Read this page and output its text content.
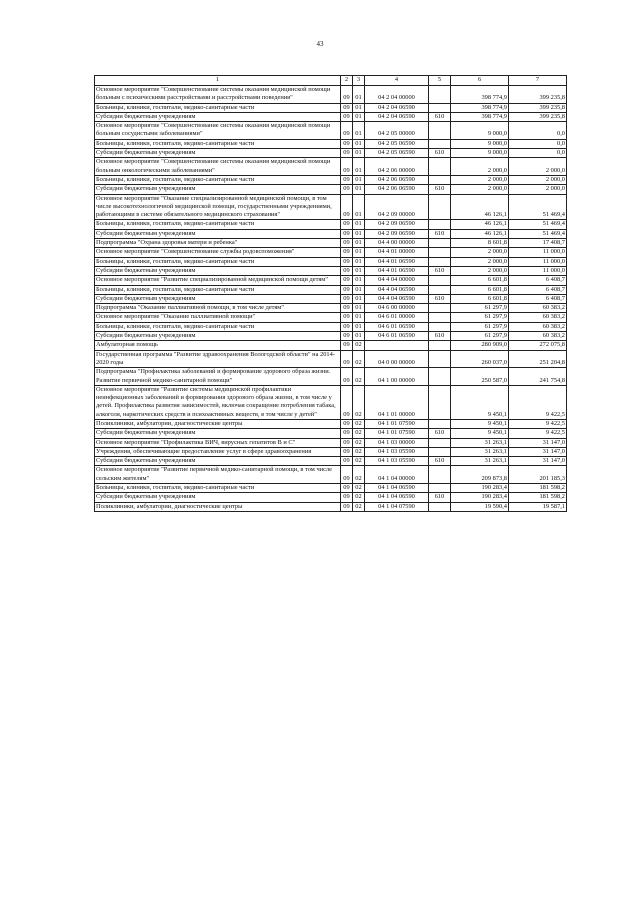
43
1	2	3	4	5	6	7
Основное мероприятие "Совершенствование системы оказания медицинской помощи больным с психическими расстройствами и расстройствами поведения"	09	01	04 2 04 00000		398 774,9	399 235,8
Больницы, клиники, госпитали, медико-санитарные части	09	01	04 2 04 06590		398 774,9	399 235,8
Субсидии бюджетным учреждениям	09	01	04 2 04 06590	610	398 774,9	399 235,8
Основное мероприятие "Совершенствование системы оказания медицинской помощи больным сосудистыми заболеваниями"	09	01	04 2 05 00000		9 000,0	0,0
Больницы, клиники, госпитали, медико-санитарные части	09	01	04 2 05 06590		9 000,0	0,0
Субсидии бюджетным учреждениям	09	01	04 2 05 06590	610	9 000,0	0,0
Основное мероприятие "Совершенствование системы оказания медицинской помощи больным онкологическими заболеваниями"	09	01	04 2 06 00000		2 000,0	2 000,0
Больницы, клиники, госпитали, медико-санитарные части	09	01	04 2 06 06590		2 000,0	2 000,0
Субсидии бюджетным учреждениям	09	01	04 2 06 06590	610	2 000,0	2 000,0
Основное мероприятие "Оказание специализированной медицинской помощи, в том числе высокотехнологичной медицинской помощи, государственными учреждениями, работающими в системе обязательного медицинского страхования"	09	01	04 2 09 00000		46 126,1	51 469,4
Больницы, клиники, госпитали, медико-санитарные части	09	01	04 2 09 06590		46 126,1	51 469,4
Субсидии бюджетным учреждениям	09	01	04 2 09 06590	610	46 126,1	51 469,4
Подпрограмма "Охрана здоровья матери и ребенка"	09	01	04 4 00 00000		8 601,8	17 408,7
Основное мероприятие "Совершенствование службы родовспоможения"	09	01	04 4 01 00000		2 000,0	11 000,0
Больницы, клиники, госпитали, медико-санитарные части	09	01	04 4 01 06590		2 000,0	11 000,0
Субсидии бюджетным учреждениям	09	01	04 4 01 06590	610	2 000,0	11 000,0
Основное мероприятие "Развитие специализированной медицинской помощи детям"	09	01	04 4 04 00000		6 601,8	6 408,7
Больницы, клиники, госпитали, медико-санитарные части	09	01	04 4 04 06590		6 601,8	6 408,7
Субсидии бюджетным учреждениям	09	01	04 4 04 06590	610	6 601,8	6 408,7
Подпрограмма "Оказание паллиативной помощи, в том числе детям"	09	01	04 6 00 00000		61 297,9	60 383,2
Основное мероприятие "Оказание паллиативной помощи"	09	01	04 6 01 00000		61 297,9	60 383,2
Больницы, клиники, госпитали, медико-санитарные части	09	01	04 6 01 06590		61 297,9	60 383,2
Субсидии бюджетным учреждениям	09	01	04 6 01 06590	610	61 297,9	60 383,2
Амбулаторная помощь	09	02			280 909,0	272 075,8
Государственная программа "Развитие здравоохранения Вологодской области" на 2014-2020 годы	09	02	04 0 00 00000		260 037,0	251 204,8
Подпрограмма "Профилактика заболеваний и формирование здорового образа жизни. Развитие первичной медико-санитарной помощи"	09	02	04 1 00 00000		250 587,0	241 754,8
Основное мероприятие "Развитие системы медицинской профилактики неинфекционных заболеваний и формирования здорового образа жизни, в том числе у детей. Профилактика развития зависимостей, включая сокращение потребления табака, алкоголя, наркотических средств и психоактивных веществ, в том числе у детей"	09	02	04 1 01 00000		9 450,1	9 422,5
Поликлиники, амбулатории, диагностические центры	09	02	04 1 01 07590		9 450,1	9 422,5
Субсидии бюджетным учреждениям	09	02	04 1 01 07590	610	9 450,1	9 422,5
Основное мероприятие "Профилактика ВИЧ, вирусных гепатитов В и С"	09	02	04 1 03 00000		31 263,1	31 147,0
Учреждения, обеспечивающие предоставление услуг в сфере здравоохранения	09	02	04 1 03 05590		31 263,1	31 147,0
Субсидии бюджетным учреждениям	09	02	04 1 03 05590	610	31 263,1	31 147,0
Основное мероприятие "Развитие первичной медико-санитарной помощи, в том числе сельским жителям"	09	02	04 1 04 00000		209 873,8	201 185,3
Больницы, клиники, госпитали, медико-санитарные части	09	02	04 1 04 06590		190 283,4	181 598,2
Субсидии бюджетным учреждениям	09	02	04 1 04 06590	610	190 283,4	181 598,2
Поликлиники, амбулатории, диагностические центры	09	02	04 1 04 07590		19 590,4	19 587,1
